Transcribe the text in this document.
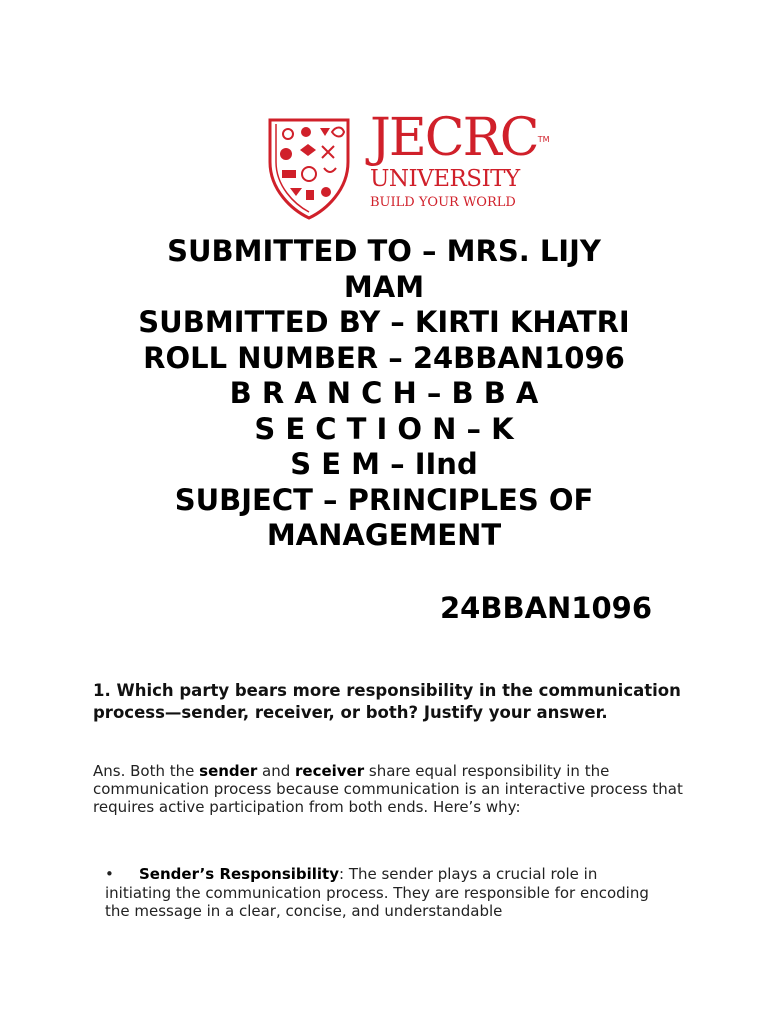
JECRC TM
UNIVERSITY
BUILD YOUR WORLD
SUBMITTED TO – MRS. LIJY
MAM
SUBMITTED BY – KIRTI KHATRI
ROLL NUMBER – 24BBAN1096
B R A N C H – B B A
S E C T I O N – K
S E M – IInd
SUBJECT – PRINCIPLES OF
MANAGEMENT
24BBAN1096
1. Which party bears more responsibility in the communication process—sender, receiver, or both? Justify your answer.
Ans. Both the sender and receiver share equal responsibility in the communication process because communication is an interactive process that requires active participation from both ends. Here’s why:
• Sender’s Responsibility: The sender plays a crucial role in initiating the communication process. They are responsible for encoding the message in a clear, concise, and understandable
